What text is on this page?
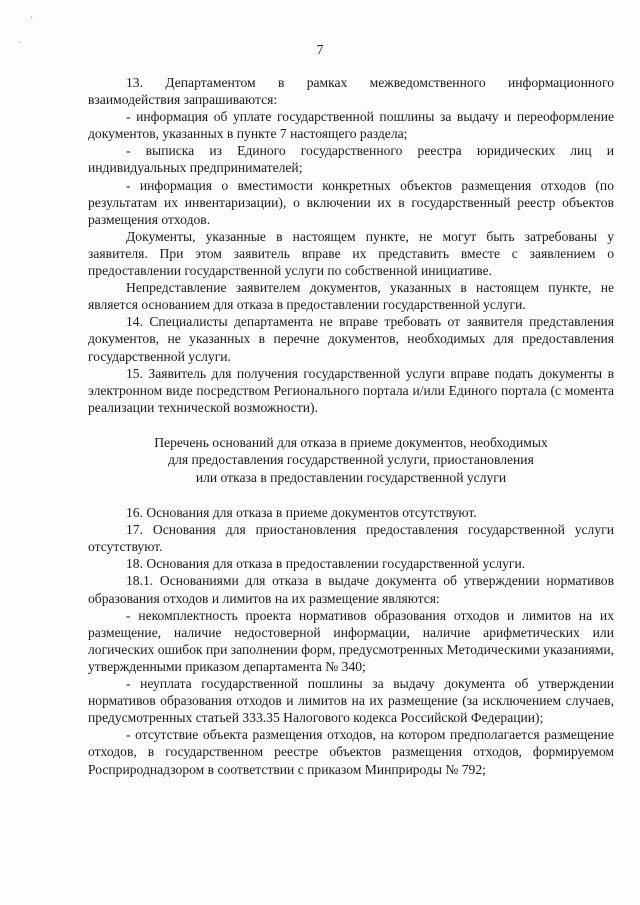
·
`	7

13. Департаментом в рамках межведомственного информационного взаимодействия запрашиваются:

- информация об уплате государственной пошлины за выдачу и переоформление документов, указанных в пункте 7 настоящего раздела;

- выписка из Единого государственного реестра юридических лиц и индивидуальных предпринимателей;

- информация о вместимости конкретных объектов размещения отходов (по результатам их инвентаризации), о включении их в государственный реестр объектов размещения отходов.

Документы, указанные в настоящем пункте, не могут быть затребованы у заявителя. При этом заявитель вправе их представить вместе с заявлением о предоставлении государственной услуги по собственной инициативе.

Непредставление заявителем документов, указанных в настоящем пункте, не является основанием для отказа в предоставлении государственной услуги.

14. Специалисты департамента не вправе требовать от заявителя представления документов, не указанных в перечне документов, необходимых для предоставления государственной услуги.

15. Заявитель для получения государственной услуги вправе подать документы в электронном виде посредством Регионального портала и/или Единого портала (с момента реализации технической возможности).

Перечень оснований для отказа в приеме документов, необходимых

для предоставления государственной услуги, приостановления

или отказа в предоставлении государственной услуги

16. Основания для отказа в приеме документов отсутствуют.

17. Основания для приостановления предоставления государственной услуги отсутствуют.

18. Основания для отказа в предоставлении государственной услуги.

18.1. Основаниями для отказа в выдаче документа об утверждении нормативов образования отходов и лимитов на их размещение являются:

- некомплектность проекта нормативов образования отходов и лимитов на их размещение, наличие недостоверной информации, наличие арифметических или логических ошибок при заполнении форм, предусмотренных Методическими указаниями, утвержденными приказом департамента № 340;

- неуплата государственной пошлины за выдачу документа об утверждении нормативов образования отходов и лимитов на их размещение (за исключением случаев, предусмотренных статьей 333.35 Налогового кодекса Российской Федерации);

- отсутствие объекта размещения отходов, на котором предполагается размещение отходов, в государственном реестре объектов размещения отходов, формируемом Росприроднадзором в соответствии с приказом Минприроды № 792;
